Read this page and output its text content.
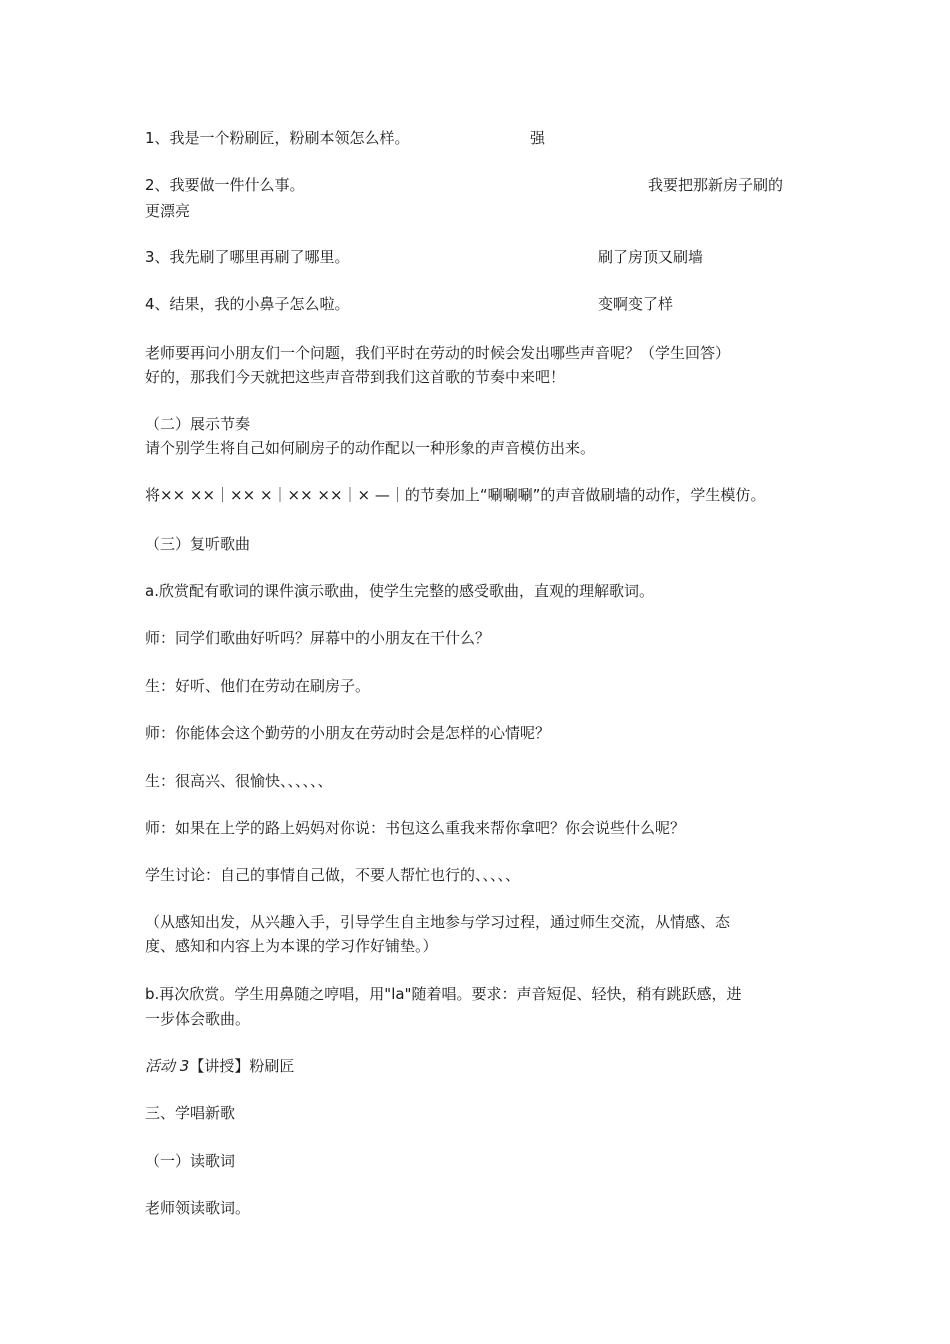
1、我是一个粉刷匠，粉刷本领怎么样。	强
2、我要做一件什么事。	我要把那新房子刷的
更漂亮
3、我先刷了哪里再刷了哪里。	刷了房顶又刷墙
4、结果，我的小鼻子怎么啦。	变啊变了样
老师要再问小朋友们一个问题，我们平时在劳动的时候会发出哪些声音呢？（学生回答）
好的，那我们今天就把这些声音带到我们这首歌的节奏中来吧！
（二）展示节奏
请个别学生将自己如何刷房子的动作配以一种形象的声音模仿出来。
将×× ××｜×× ×｜×× ××｜× —｜的节奏加上“唰唰唰”的声音做刷墙的动作，学生模仿。
（三）复听歌曲
a.欣赏配有歌词的课件演示歌曲，使学生完整的感受歌曲，直观的理解歌词。
师：同学们歌曲好听吗？屏幕中的小朋友在干什么？
生：好听、他们在劳动在刷房子。
师：你能体会这个勤劳的小朋友在劳动时会是怎样的心情呢？
生：很高兴、很愉快、、、、、、
师：如果在上学的路上妈妈对你说：书包这么重我来帮你拿吧？你会说些什么呢？
学生讨论：自己的事情自己做，不要人帮忙也行的、、、、、
（从感知出发，从兴趣入手，引导学生自主地参与学习过程，通过师生交流，从情感、态
度、感知和内容上为本课的学习作好铺垫。）
b.再次欣赏。学生用鼻随之哼唱，用"la"随着唱。要求：声音短促、轻快，稍有跳跃感，进
一步体会歌曲。
活动 3【讲授】粉刷匠
三、学唱新歌
（一）读歌词
老师领读歌词。
